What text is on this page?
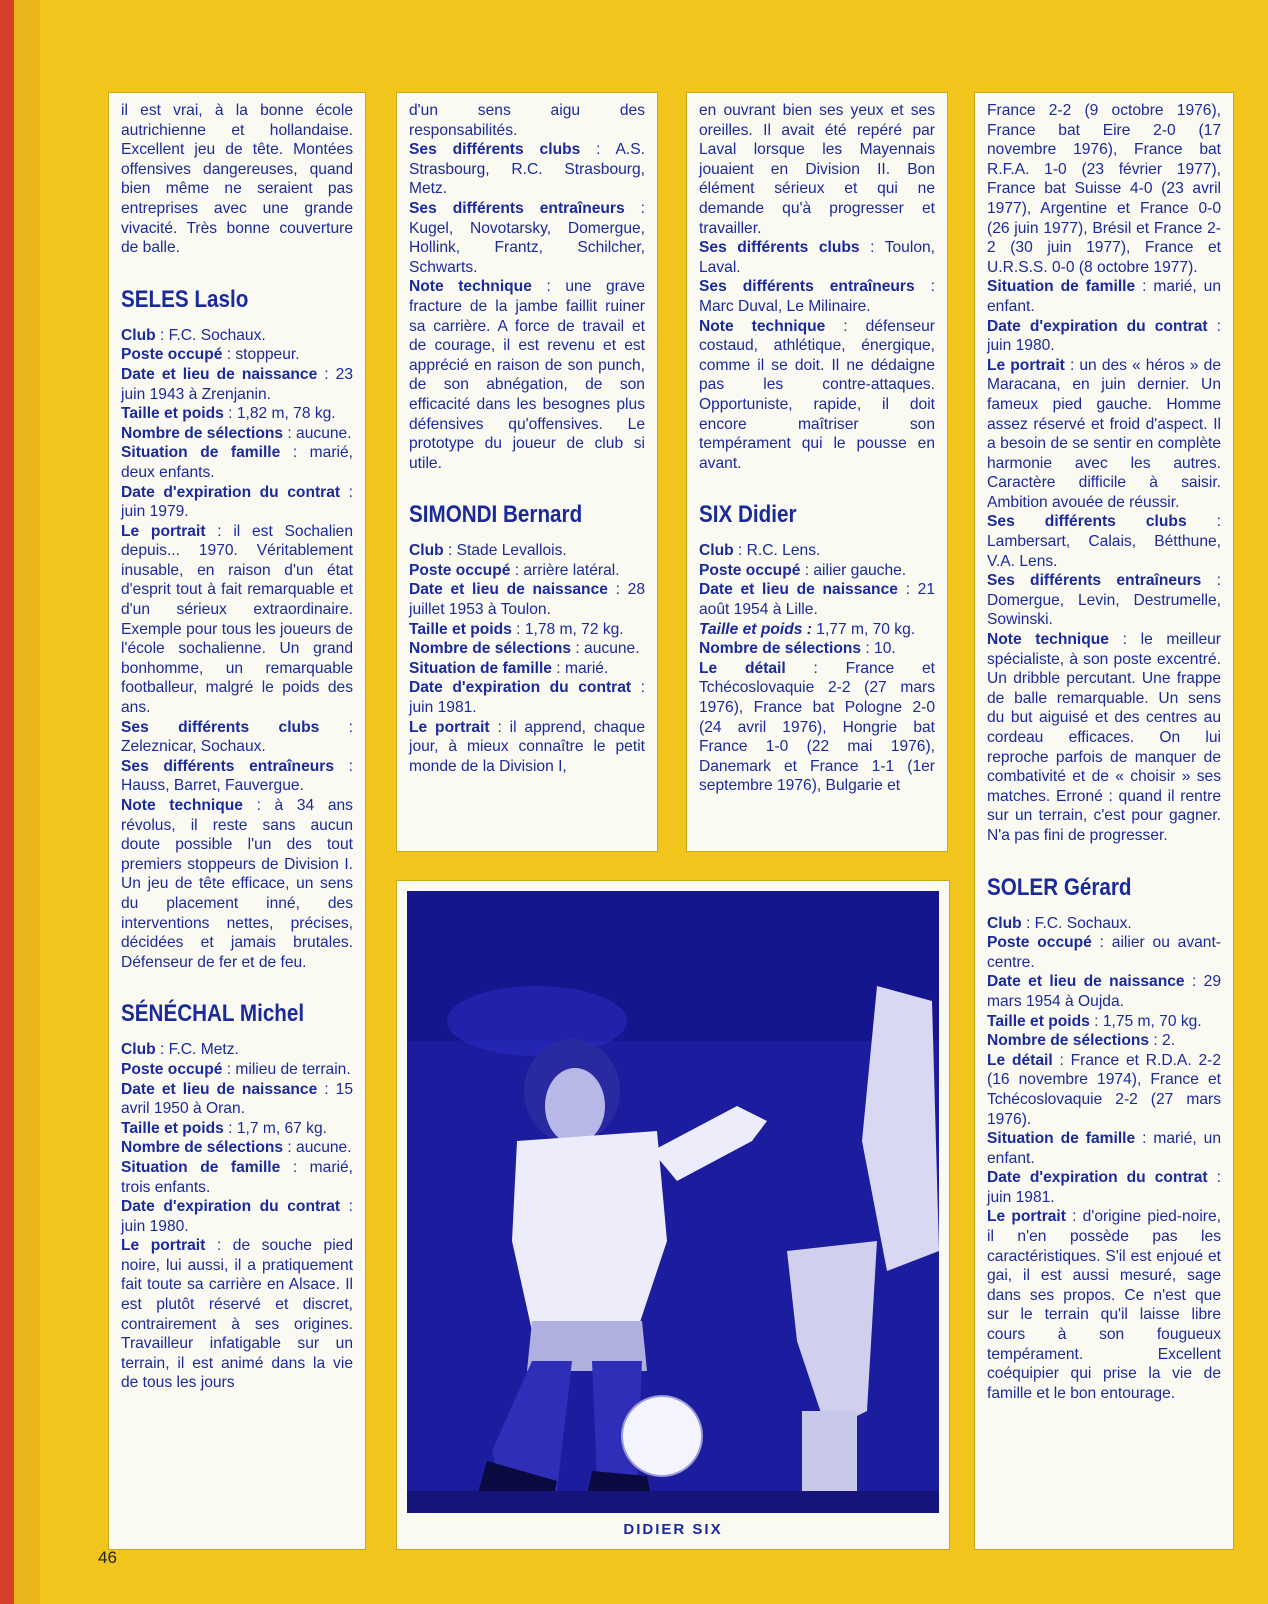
il est vrai, à la bonne école autrichienne et hollandaise. Excellent jeu de tête. Montées offensives dangereuses, quand bien même ne seraient pas entreprises avec une grande vivacité. Très bonne couverture de balle.

SELES Laslo

Club : F.C. Sochaux.

Poste occupé : stoppeur.

Date et lieu de naissance : 23 juin 1943 à Zrenjanin.

Taille et poids : 1,82 m, 78 kg.

Nombre de sélections : aucune.

Situation de famille : marié, deux enfants.

Date d'expiration du contrat : juin 1979.

Le portrait : il est Sochalien depuis... 1970. Véritablement inusable, en raison d'un état d'esprit tout à fait remarquable et d'un sérieux extraordinaire. Exemple pour tous les joueurs de l'école sochalienne. Un grand bonhomme, un remarquable footballeur, malgré le poids des ans.

Ses différents clubs : Zeleznicar, Sochaux.

Ses différents entraîneurs : Hauss, Barret, Fauvergue.

Note technique : à 34 ans révolus, il reste sans aucun doute possible l'un des tout premiers stoppeurs de Division I. Un jeu de tête efficace, un sens du placement inné, des interventions nettes, précises, décidées et jamais brutales. Défenseur de fer et de feu.

SÉNÉCHAL Michel

Club : F.C. Metz.

Poste occupé : milieu de terrain.

Date et lieu de naissance : 15 avril 1950 à Oran.

Taille et poids : 1,7 m, 67 kg.

Nombre de sélections : aucune.

Situation de famille : marié, trois enfants.

Date d'expiration du contrat : juin 1980.

Le portrait : de souche pied noire, lui aussi, il a pratiquement fait toute sa carrière en Alsace. Il est plutôt réservé et discret, contrairement à ses origines. Travailleur infatigable sur un terrain, il est animé dans la vie de tous les jours

d'un sens aigu des responsabilités.

Ses différents clubs : A.S. Strasbourg, R.C. Strasbourg, Metz.

Ses différents entraîneurs : Kugel, Novotarsky, Domergue, Hollink, Frantz, Schilcher, Schwarts.

Note technique : une grave fracture de la jambe faillit ruiner sa carrière. A force de travail et de courage, il est revenu et est apprécié en raison de son punch, de son abnégation, de son efficacité dans les besognes plus défensives qu'offensives. Le prototype du joueur de club si utile.

SIMONDI Bernard

Club : Stade Levallois.

Poste occupé : arrière latéral.

Date et lieu de naissance : 28 juillet 1953 à Toulon.

Taille et poids : 1,78 m, 72 kg.

Nombre de sélections : aucune.

Situation de famille : marié.

Date d'expiration du contrat : juin 1981.

Le portrait : il apprend, chaque jour, à mieux connaître le petit monde de la Division I,

en ouvrant bien ses yeux et ses oreilles. Il avait été repéré par Laval lorsque les Mayennais jouaient en Division II. Bon élément sérieux et qui ne demande qu'à progresser et travailler.

Ses différents clubs : Toulon, Laval.

Ses différents entraîneurs : Marc Duval, Le Milinaire.

Note technique : défenseur costaud, athlétique, énergique, comme il se doit. Il ne dédaigne pas les contre-attaques. Opportuniste, rapide, il doit encore maîtriser son tempérament qui le pousse en avant.

SIX Didier

Club : R.C. Lens.

Poste occupé : ailier gauche.

Date et lieu de naissance : 21 août 1954 à Lille.

Taille et poids : 1,77 m, 70 kg.

Nombre de sélections : 10.

Le détail : France et Tchécoslovaquie 2-2 (27 mars 1976), France bat Pologne 2-0 (24 avril 1976), Hongrie bat France 1-0 (22 mai 1976), Danemark et France 1-1 (1er septembre 1976), Bulgarie et

France 2-2 (9 octobre 1976), France bat Eire 2-0 (17 novembre 1976), France bat R.F.A. 1-0 (23 février 1977), France bat Suisse 4-0 (23 avril 1977), Argentine et France 0-0 (26 juin 1977), Brésil et France 2-2 (30 juin 1977), France et U.R.S.S. 0-0 (8 octobre 1977).

Situation de famille : marié, un enfant.

Date d'expiration du contrat : juin 1980.

Le portrait : un des « héros » de Maracana, en juin dernier. Un fameux pied gauche. Homme assez réservé et froid d'aspect. Il a besoin de se sentir en complète harmonie avec les autres. Caractère difficile à saisir. Ambition avouée de réussir.

Ses différents clubs : Lambersart, Calais, Bétthune, V.A. Lens.

Ses différents entraîneurs : Domergue, Levin, Destrumelle, Sowinski.

Note technique : le meilleur spécialiste, à son poste excentré. Un dribble percutant. Une frappe de balle remarquable. Un sens du but aiguisé et des centres au cordeau efficaces. On lui reproche parfois de manquer de combativité et de « choisir » ses matches. Erroné : quand il rentre sur un terrain, c'est pour gagner. N'a pas fini de progresser.

SOLER Gérard

Club : F.C. Sochaux.

Poste occupé : ailier ou avant-centre.

Date et lieu de naissance : 29 mars 1954 à Oujda.

Taille et poids : 1,75 m, 70 kg.

Nombre de sélections : 2.

Le détail : France et R.D.A. 2-2 (16 novembre 1974), France et Tchécoslovaquie 2-2 (27 mars 1976).

Situation de famille : marié, un enfant.

Date d'expiration du contrat : juin 1981.

Le portrait : d'origine pied-noire, il n'en possède pas les caractéristiques. S'il est enjoué et gai, il est aussi mesuré, sage dans ses propos. Ce n'est que sur le terrain qu'il laisse libre cours à son fougueux tempérament. Excellent coéquipier qui prise la vie de famille et le bon entourage.

DIDIER SIX
46
